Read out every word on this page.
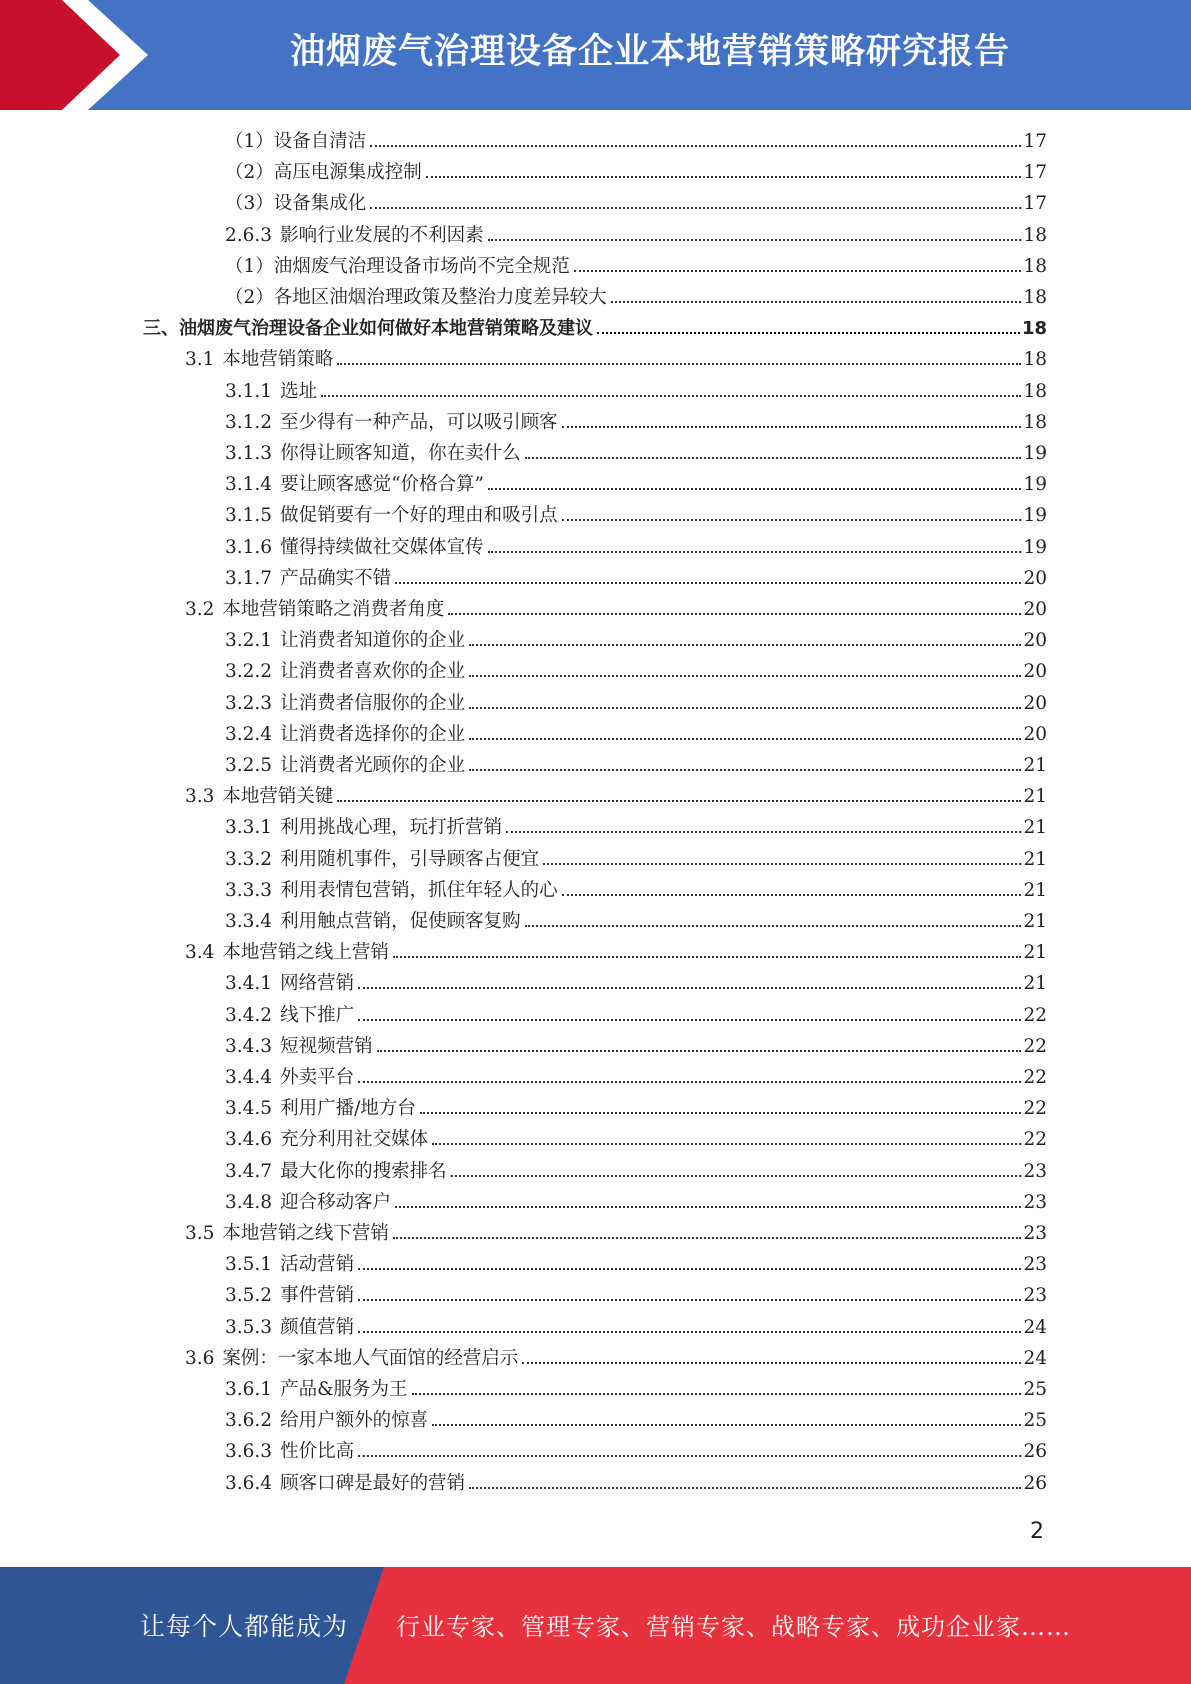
油烟废气治理设备企业本地营销策略研究报告
（1） 设备自清洁	17
（2） 高压电源集成控制	17
（3） 设备集成化	17
2.6.3 影响行业发展的不利因素	18
（1） 油烟废气治理设备市场尚不完全规范	18
（2） 各地区油烟治理政策及整治力度差异较大	18
三、 油烟废气治理设备企业如何做好本地营销策略及建议	18
3.1 本地营销策略	18
3.1.1 选址	18
3.1.2 至少得有一种产品，可以吸引顾客	18
3.1.3 你得让顾客知道，你在卖什么	19
3.1.4 要让顾客感觉“价格合算”	19
3.1.5 做促销要有一个好的理由和吸引点	19
3.1.6 懂得持续做社交媒体宣传	19
3.1.7 产品确实不错	20
3.2 本地营销策略之消费者角度	20
3.2.1 让消费者知道你的企业	20
3.2.2 让消费者喜欢你的企业	20
3.2.3 让消费者信服你的企业	20
3.2.4 让消费者选择你的企业	20
3.2.5 让消费者光顾你的企业	21
3.3 本地营销关键	21
3.3.1 利用挑战心理，玩打折营销	21
3.3.2 利用随机事件，引导顾客占便宜	21
3.3.3 利用表情包营销，抓住年轻人的心	21
3.3.4 利用触点营销，促使顾客复购	21
3.4 本地营销之线上营销	21
3.4.1 网络营销	21
3.4.2 线下推广	22
3.4.3 短视频营销	22
3.4.4 外卖平台	22
3.4.5 利用广播/地方台	22
3.4.6 充分利用社交媒体	22
3.4.7 最大化你的搜索排名	23
3.4.8 迎合移动客户	23
3.5 本地营销之线下营销	23
3.5.1 活动营销	23
3.5.2 事件营销	23
3.5.3 颜值营销	24
3.6 案例：一家本地人气面馆的经营启示	24
3.6.1 产品&服务为王	25
3.6.2 给用户额外的惊喜	25
3.6.3 性价比高	26
3.6.4 顾客口碑是最好的营销	26
2
让每个人都能成为 行业专家、管理专家、营销专家、战略专家、成功企业家……
